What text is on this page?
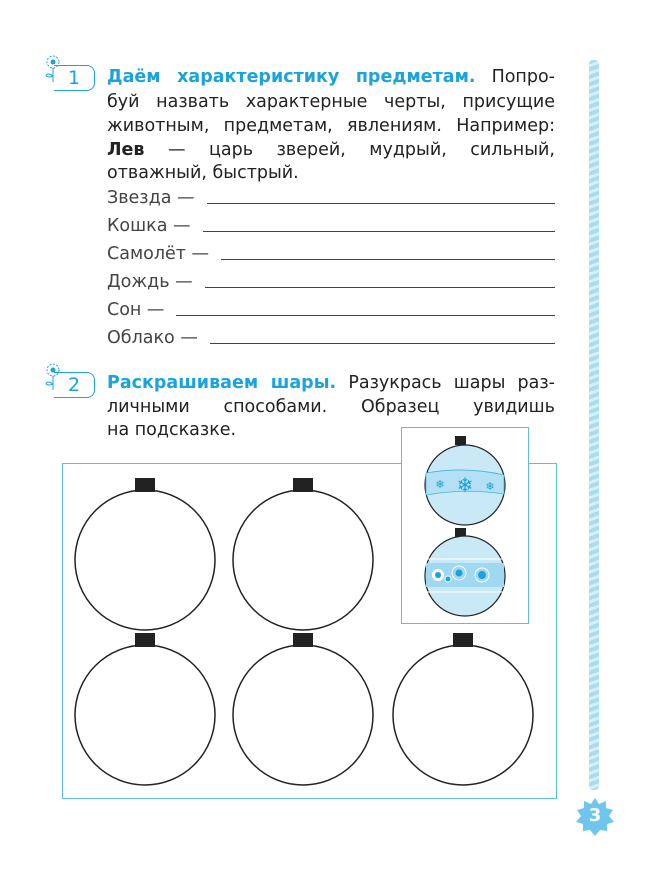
1	Даём характеристику предметам. Попро-
буй назвать характерные черты, присущие
животным, предметам, явлениям. Например:
Лев — царь зверей, мудрый, сильный,
отважный, быстрый.
Звезда —
Кошка —
Самолёт —
Дождь —
Сон —
Облако —
2	Раскрашиваем шары. Разукрась шары раз-
личными способами. Образец увидишь
на подсказке.
❄
❄	❄
3
